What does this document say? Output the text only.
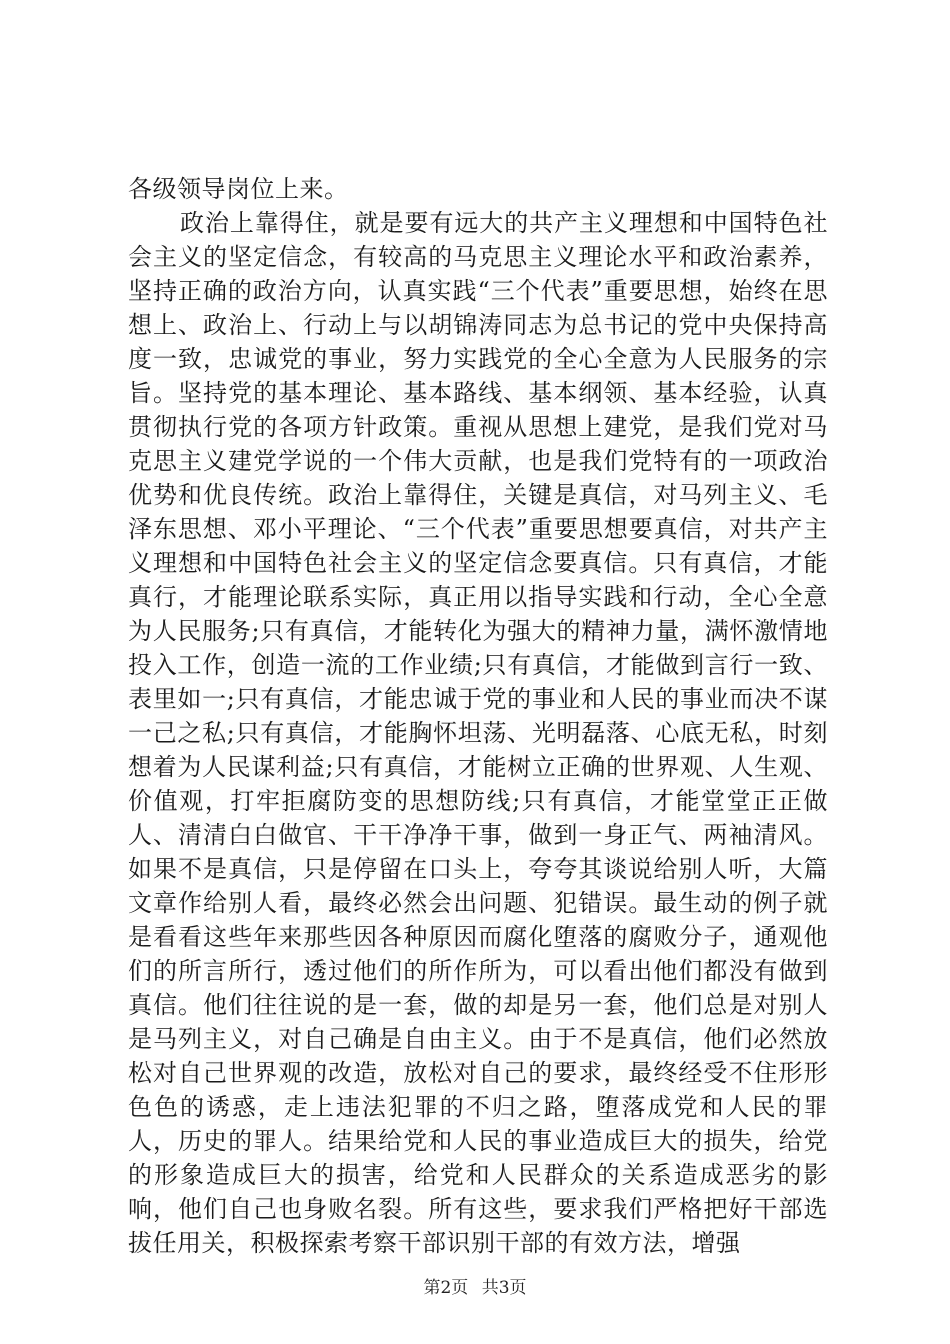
各级领导岗位上来。

政治上靠得住，就是要有远大的共产主义理想和中国特色社会主义的坚定信念，有较高的马克思主义理论水平和政治素养，坚持正确的政治方向，认真实践“三个代表”重要思想，始终在思想上、政治上、行动上与以胡锦涛同志为总书记的党中央保持高度一致，忠诚党的事业，努力实践党的全心全意为人民服务的宗旨。坚持党的基本理论、基本路线、基本纲领、基本经验，认真贯彻执行党的各项方针政策。重视从思想上建党，是我们党对马克思主义建党学说的一个伟大贡献，也是我们党特有的一项政治优势和优良传统。政治上靠得住，关键是真信，对马列主义、毛泽东思想、邓小平理论、“三个代表”重要思想要真信，对共产主义理想和中国特色社会主义的坚定信念要真信。只有真信，才能真行，才能理论联系实际，真正用以指导实践和行动，全心全意为人民服务;只有真信，才能转化为强大的精神力量，满怀激情地投入工作，创造一流的工作业绩;只有真信，才能做到言行一致、表里如一;只有真信，才能忠诚于党的事业和人民的事业而决不谋一己之私;只有真信，才能胸怀坦荡、光明磊落、心底无私，时刻想着为人民谋利益;只有真信，才能树立正确的世界观、人生观、价值观，打牢拒腐防变的思想防线;只有真信，才能堂堂正正做人、清清白白做官、干干净净干事，做到一身正气、两袖清风。如果不是真信，只是停留在口头上，夸夸其谈说给别人听，大篇文章作给别人看，最终必然会出问题、犯错误。最生动的例子就是看看这些年来那些因各种原因而腐化堕落的腐败分子，通观他们的所言所行，透过他们的所作所为，可以看出他们都没有做到真信。他们往往说的是一套，做的却是另一套，他们总是对别人是马列主义，对自己确是自由主义。由于不是真信，他们必然放松对自己世界观的改造，放松对自己的要求，最终经受不住形形色色的诱惑，走上违法犯罪的不归之路，堕落成党和人民的罪人，历史的罪人。结果给党和人民的事业造成巨大的损失，给党的形象造成巨大的损害，给党和人民群众的关系造成恶劣的影响，他们自己也身败名裂。所有这些，要求我们严格把好干部选拔任用关，积极探索考察干部识别干部的有效方法，增强

第2页 共3页
